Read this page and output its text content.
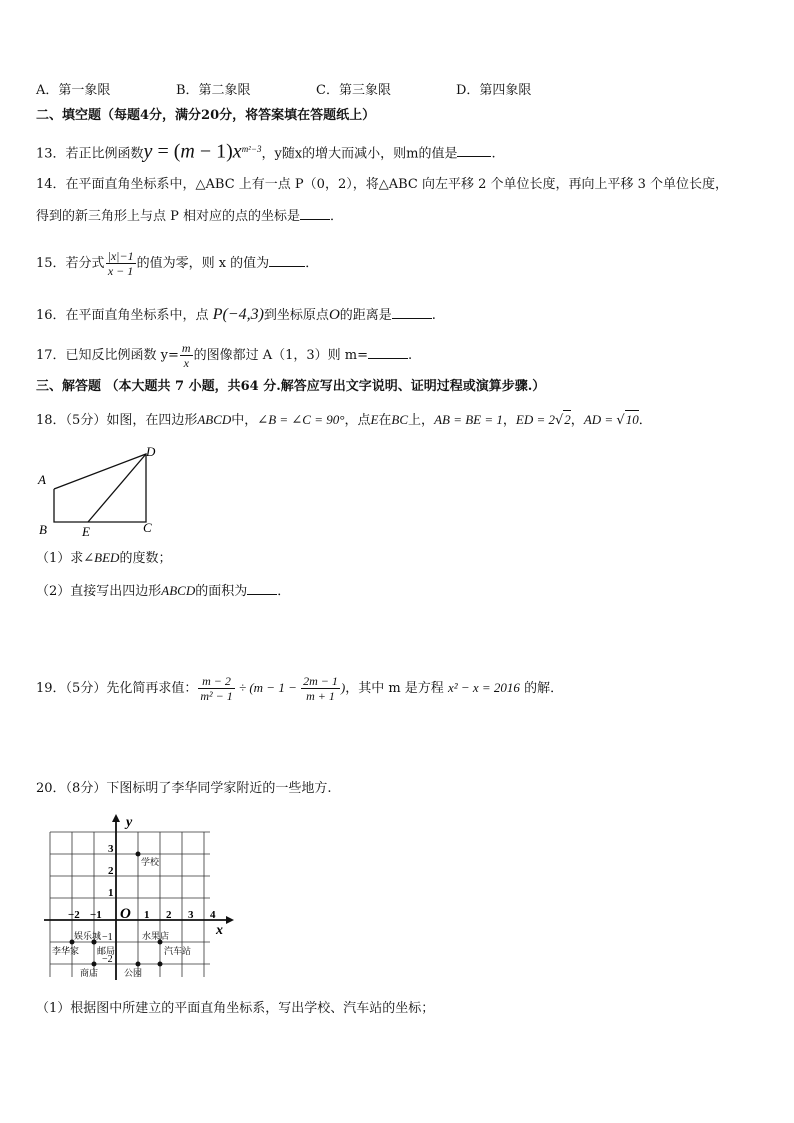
A．第一象限	B．第二象限	C．第三象限	D．第四象限
二、填空题（每题4分，满分20分，将答案填在答题纸上）
13．若正比例函数$y = (m - 1)x^{m^2-3}$，y随x的增大而减小，则m的值是	.
14．在平面直角坐标系中，△ABC 上有一点 P（0，2），将△ABC 向左平移 2 个单位长度，再向上平移 3 个单位长度，
得到的新三角形上与点 P 相对应的点的坐标是 ．
15．若分式 $\frac{|x|-1}{x - 1}$ 的值为零，则 x 的值为	．
16．在平面直角坐标系中，点 P(−4,3)到坐标原点O的距离是	.
17．已知反比例函数 $y= \frac{m}{x}$ 的图像都过 A（1，3）则 m=	.
三、解答题 （本大题共 7 小题，共64 分.解答应写出文字说明、证明过程或演算步骤.）
18．（5分）如图，在四边形ABCD中，∠B = ∠C = 90°，点E在BC上，AB = BE = 1，ED = 2√2，AD = √10．
A
B	C
D
E
（1）求∠BED的度数；
（2）直接写出四边形ABCD的面积为 ．
19．（5分）先化简再求值： $\frac{m - 2}{\text{m² − 1}} \div (m - 1 - \frac{2m - 1}{m + 1}$ )，其中 m 是方程 x² − x = 2016 的解．
20．（8分）下图标明了李华同学家附近的一些地方.
y
x
O
−2 −1	1 2 3 4
3
2
1
−1
−2
学校
娱乐城	水果店
李华家 邮局	汽车站
商店	公园
（1）根据图中所建立的平面直角坐标系，写出学校、汽车站的坐标；
